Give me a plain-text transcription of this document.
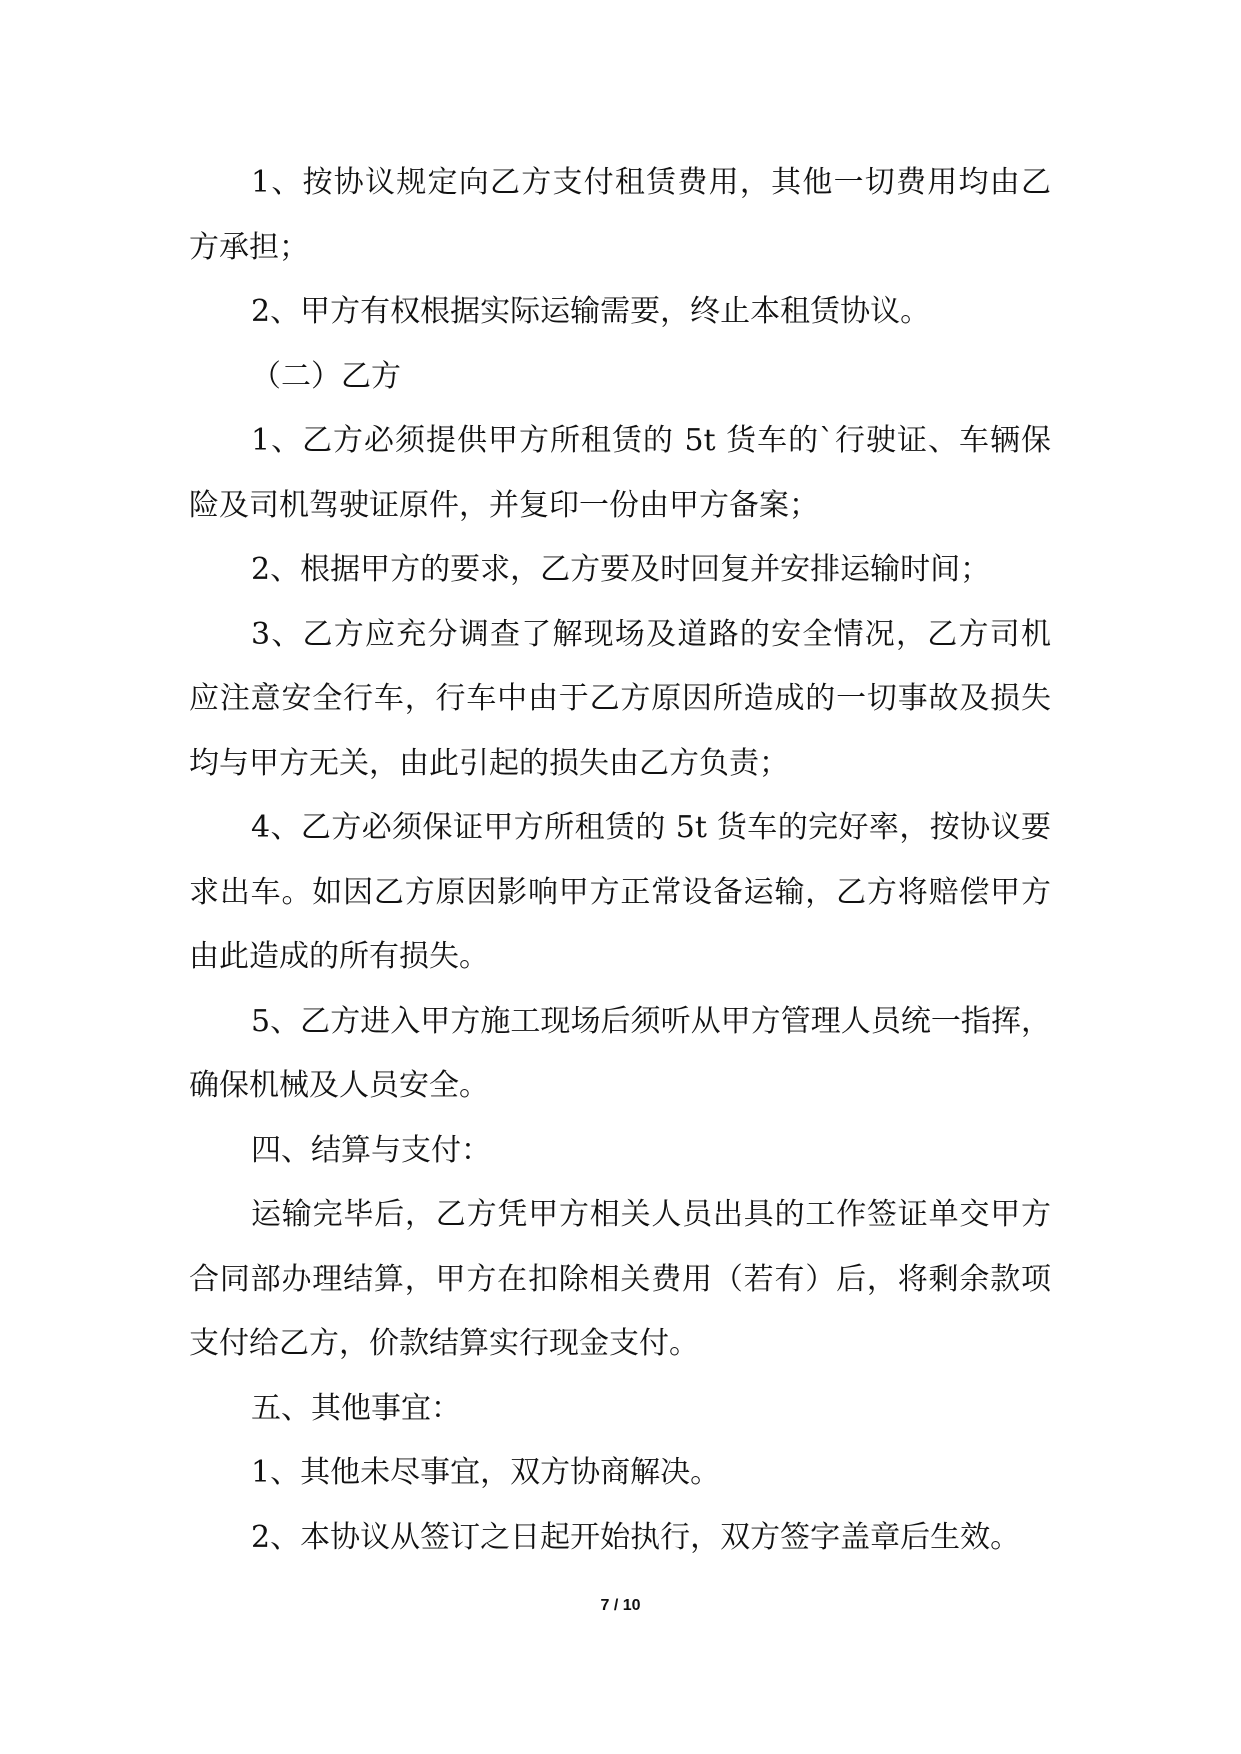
1、按协议规定向乙方支付租赁费用，其他一切费用均由乙
方承担；
2、甲方有权根据实际运输需要，终止本租赁协议。
（二）乙方
1、乙方必须提供甲方所租赁的 5t 货车的`行驶证、车辆保
险及司机驾驶证原件，并复印一份由甲方备案；
2、根据甲方的要求，乙方要及时回复并安排运输时间；
3、乙方应充分调查了解现场及道路的安全情况，乙方司机
应注意安全行车，行车中由于乙方原因所造成的一切事故及损失
均与甲方无关，由此引起的损失由乙方负责；
4、乙方必须保证甲方所租赁的 5t 货车的完好率，按协议要
求出车。如因乙方原因影响甲方正常设备运输，乙方将赔偿甲方
由此造成的所有损失。
5、乙方进入甲方施工现场后须听从甲方管理人员统一指挥，
确保机械及人员安全。
四、结算与支付：
运输完毕后，乙方凭甲方相关人员出具的工作签证单交甲方
合同部办理结算，甲方在扣除相关费用（若有）后，将剩余款项
支付给乙方，价款结算实行现金支付。
五、其他事宜：
1、其他未尽事宜，双方协商解决。
2、本协议从签订之日起开始执行，双方签字盖章后生效。
7 / 10
